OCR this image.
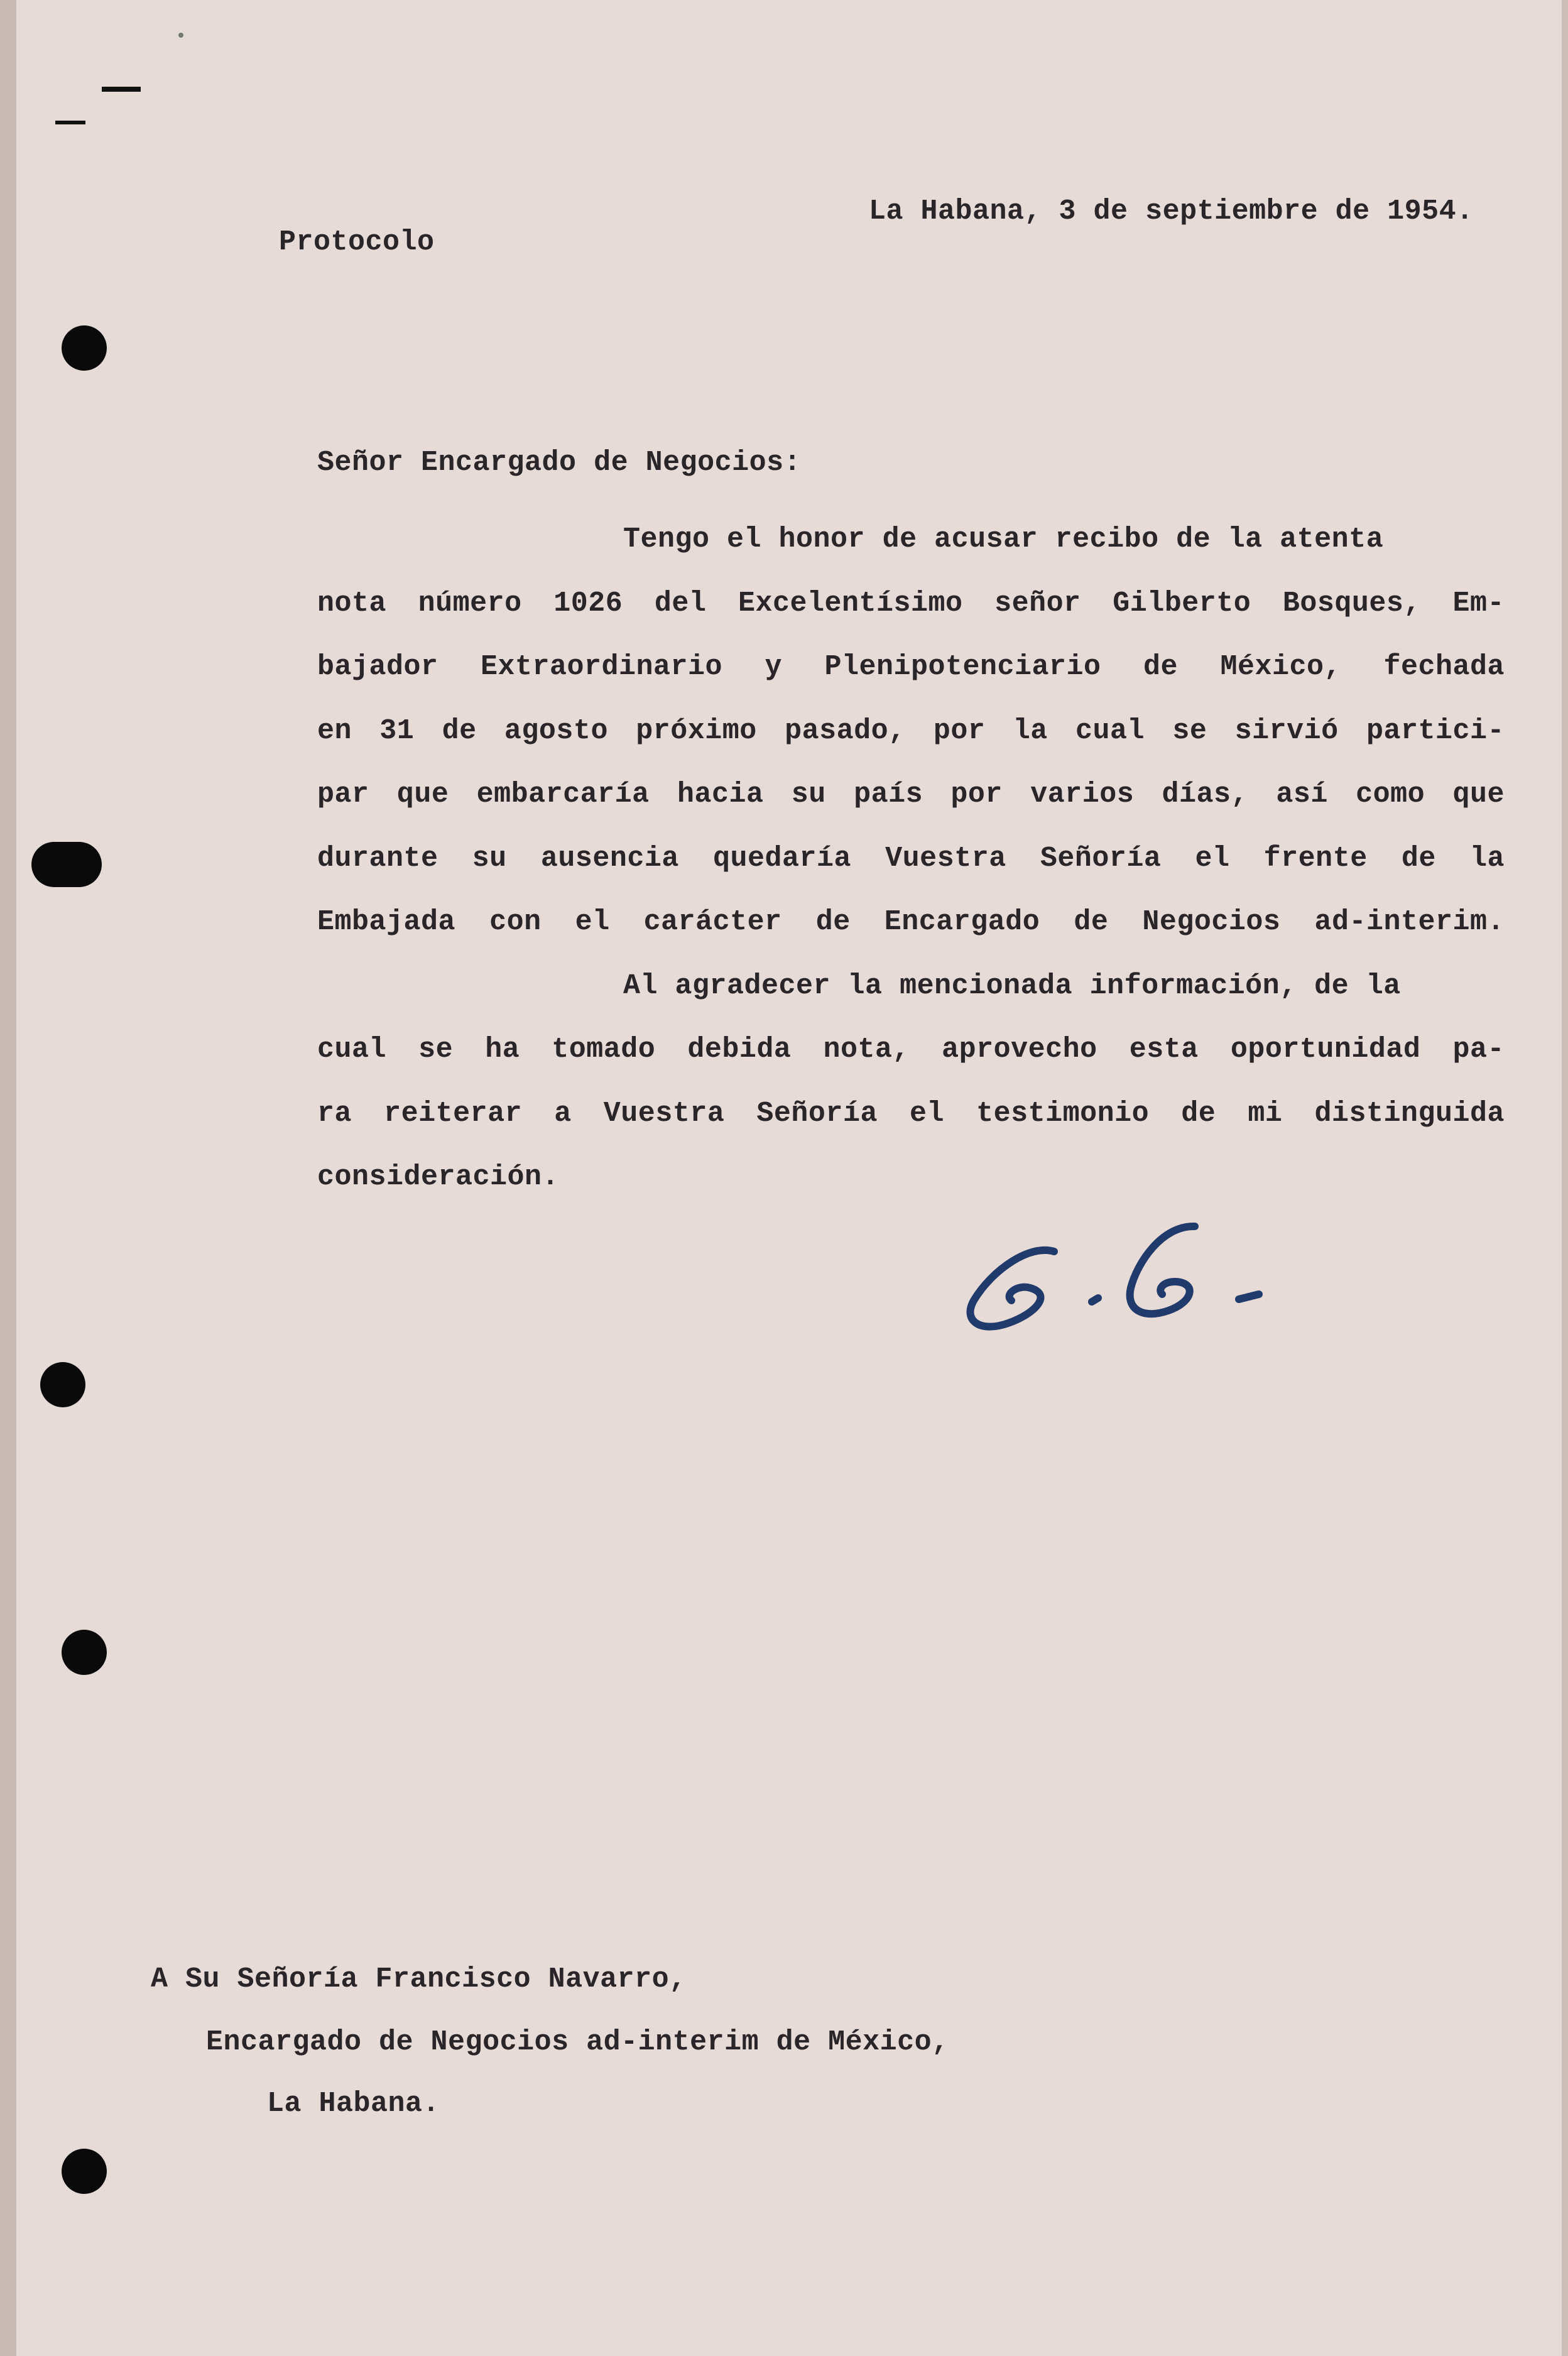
Protocolo
La Habana, 3 de septiembre de 1954.
Señor Encargado de Negocios:
Tengo el honor de acusar recibo de la atenta
nota número 1026 del Excelentísimo señor Gilberto Bosques, Em-
bajador Extraordinario y Plenipotenciario de México, fechada
en 31 de agosto próximo pasado, por la cual se sirvió partici-
par que embarcaría hacia su país por varios días, así como que
durante su ausencia quedaría Vuestra Señoría el frente de la
Embajada con el carácter de Encargado de Negocios ad-interim.
Al agradecer la mencionada información, de la
cual se ha tomado debida nota, aprovecho esta oportunidad pa-
ra reiterar a Vuestra Señoría el testimonio de mi distinguida
consideración.
A Su Señoría Francisco Navarro,
Encargado de Negocios ad-interim de México,
La Habana.
